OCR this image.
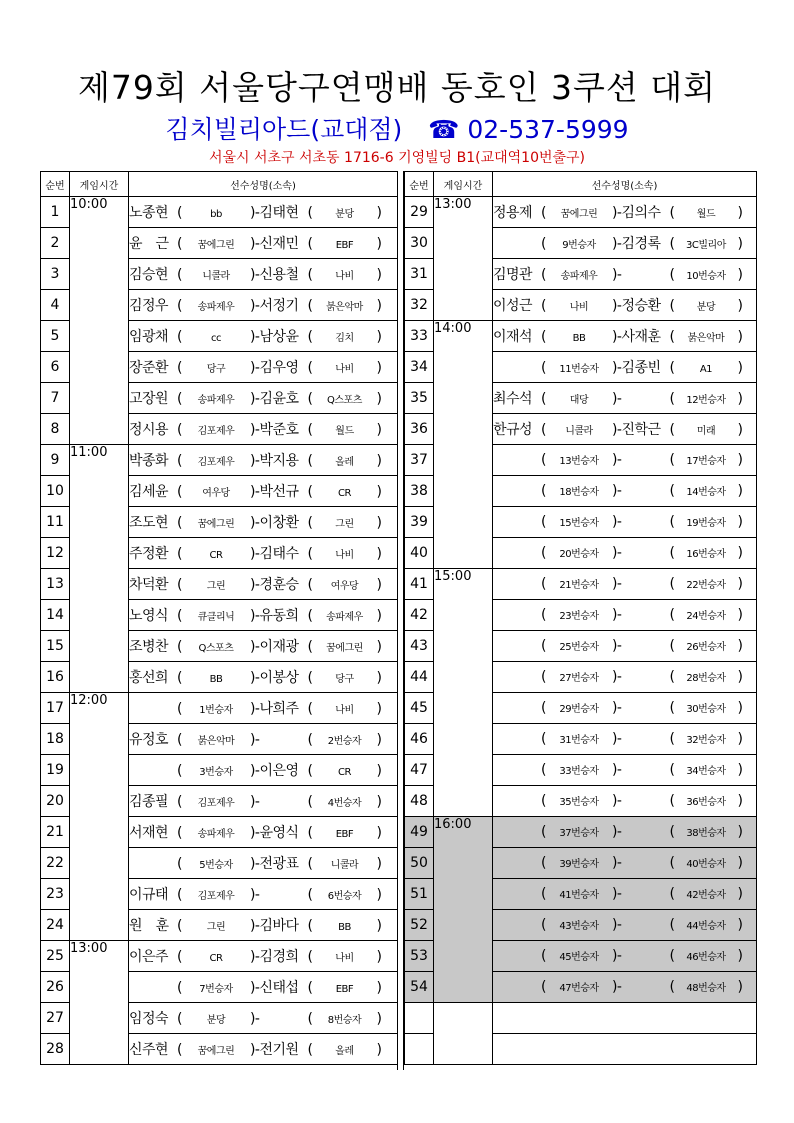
제79회 서울당구연맹배 동호인 3쿠션 대회
김치빌리아드(교대점) ☎ 02-537-5999
서울시 서초구 서초동 1716-6 기영빌딩 B1(교대역10번출구)
순번	게임시간	선수성명(소속)
1	10:00	노종현 ( bb )-김태현 ( 분당 )
2		윤　근 ( 꿈에그린 )-신재민 ( EBF )
3		김승현 ( 니콜라 )-신용철 ( 나비 )
4		김정우 ( 송파제우 )-서정기 ( 붉은악마 )
5		임광채 ( cc )-남상윤 ( 김치 )
6		장준환 ( 당구 )-김우영 ( 나비 )
7		고장원 ( 송파제우 )-김윤호 ( Q스포츠 )
8		정시용 ( 김포제우 )-박준호 ( 월드 )
9	11:00	박종화 ( 김포제우 )-박지용 ( 올레 )
10		김세윤 ( 여우당 )-박선규 ( CR )
11		조도현 ( 꿈에그린 )-이창환 ( 그린 )
12		주정환 ( CR )-김태수 ( 나비 )
13		차덕환 ( 그린 )-경훈승 ( 여우당 )
14		노영식 ( 큐클리닉 )-유동희 ( 송파제우 )
15		조병찬 ( Q스포츠 )-이재광 ( 꿈에그린 )
16		홍선희 ( BB )-이봉상 ( 당구 )
17	12:00	( 1번승자 )-나희주 ( 나비 )
18		유정호 ( 붉은악마 )- ( 2번승자 )
19		( 3번승자 )-이은영 ( CR )
20		김종필 ( 김포제우 )- ( 4번승자 )
21		서재현 ( 송파제우 )-윤영식 ( EBF )
22		( 5번승자 )-전광표 ( 니콜라 )
23		이규태 ( 김포제우 )- ( 6번승자 )
24		원　훈 ( 그린 )-김바다 ( BB )
25	13:00	이은주 ( CR )-김경희 ( 나비 )
26		( 7번승자 )-신태섭 ( EBF )
27		임정숙 ( 분당 )- ( 8번승자 )
28		신주현 ( 꿈에그린 )-전기원 ( 올레 )
순번	게임시간	선수성명(소속)
29	13:00	정용제 ( 꿈에그린 )-김의수 ( 월드 )
30		( 9번승자 )-김경록 ( 3C빌리아 )
31		김명관 ( 송파제우 )- ( 10번승자 )
32		이성근 ( 나비 )-정승환 ( 분당 )
33	14:00	이재석 ( BB )-사재훈 ( 붉은악마 )
34		( 11번승자 )-김종빈 ( A1 )
35		최수석 ( 대당 )- ( 12번승자 )
36		한규성 ( 니콜라 )-진학근 ( 미래 )
37		( 13번승자 )- ( 17번승자 )
38		( 18번승자 )- ( 14번승자 )
39		( 15번승자 )- ( 19번승자 )
40		( 20번승자 )- ( 16번승자 )
41	15:00	( 21번승자 )- ( 22번승자 )
42		( 23번승자 )- ( 24번승자 )
43		( 25번승자 )- ( 26번승자 )
44		( 27번승자 )- ( 28번승자 )
45		( 29번승자 )- ( 30번승자 )
46		( 31번승자 )- ( 32번승자 )
47		( 33번승자 )- ( 34번승자 )
48		( 35번승자 )- ( 36번승자 )
49	16:00	( 37번승자 )- ( 38번승자 )
50		( 39번승자 )- ( 40번승자 )
51		( 41번승자 )- ( 42번승자 )
52		( 43번승자 )- ( 44번승자 )
53		( 45번승자 )- ( 46번승자 )
54		( 47번승자 )- ( 48번승자 )
